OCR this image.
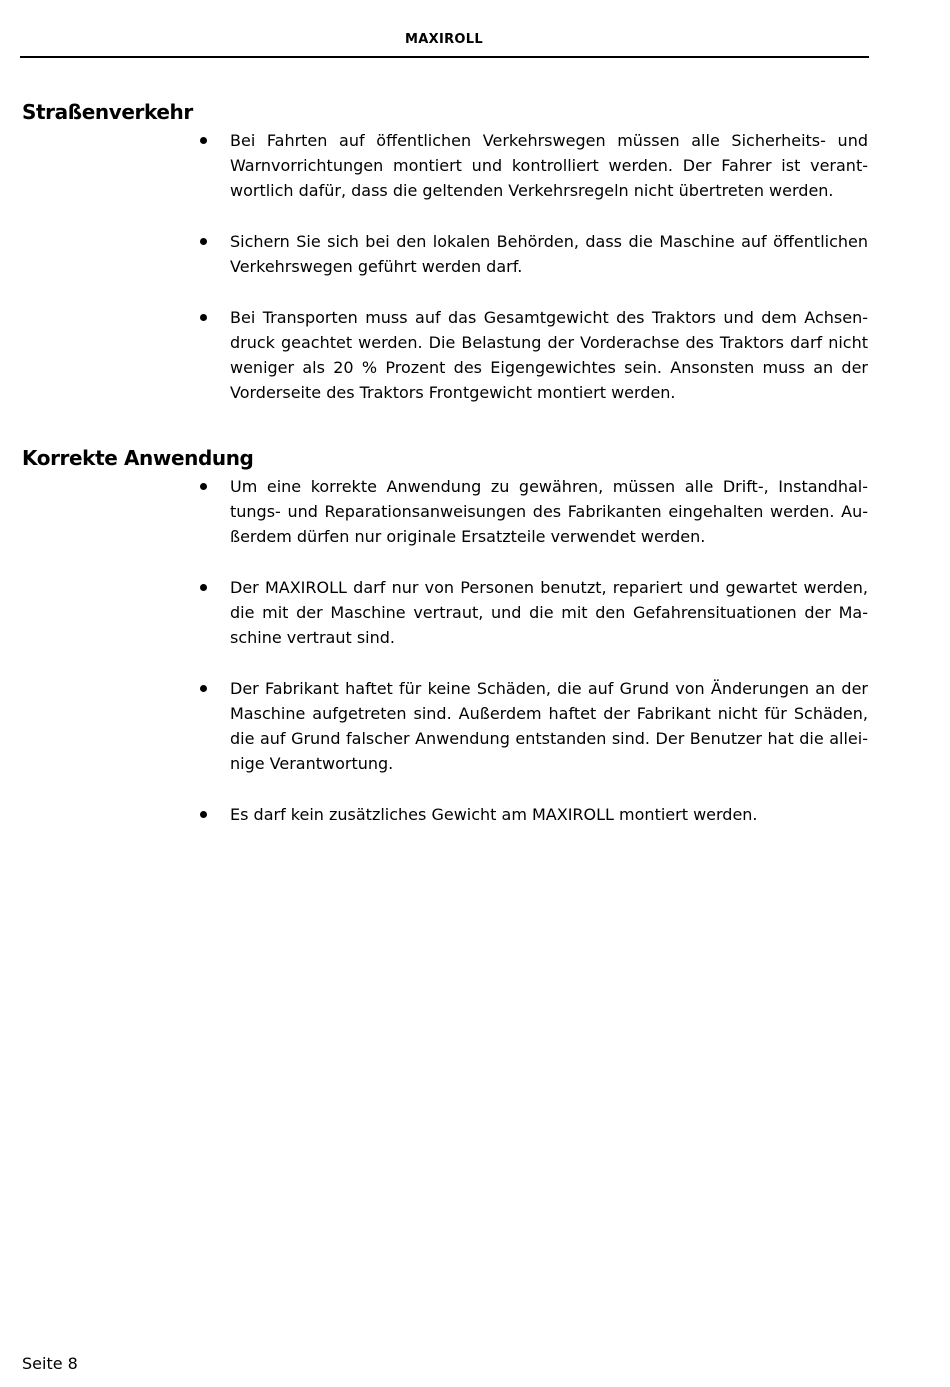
MAXIROLL
Straßenverkehr
Bei Fahrten auf öffentlichen Verkehrswegen müssen alle Sicherheits- und Warnvorrichtungen montiert und kontrolliert werden. Der Fahrer ist verantwortlich dafür, dass die geltenden Verkehrsregeln nicht übertreten werden.
Sichern Sie sich bei den lokalen Behörden, dass die Maschine auf öffentlichen Verkehrswegen geführt werden darf.
Bei Transporten muss auf das Gesamtgewicht des Traktors und dem Achsendruck geachtet werden. Die Belastung der Vorderachse des Traktors darf nicht weniger als 20 % Prozent des Eigengewichtes sein. Ansonsten muss an der Vorderseite des Traktors Frontgewicht montiert werden.
Korrekte Anwendung
Um eine korrekte Anwendung zu gewähren, müssen alle Drift-, Instandhaltungs- und Reparationsanweisungen des Fabrikanten eingehalten werden. Außerdem dürfen nur originale Ersatzteile verwendet werden.
Der MAXIROLL darf nur von Personen benutzt, repariert und gewartet werden, die mit der Maschine vertraut, und die mit den Gefahrensituationen der Maschine vertraut sind.
Der Fabrikant haftet für keine Schäden, die auf Grund von Änderungen an der Maschine aufgetreten sind. Außerdem haftet der Fabrikant nicht für Schäden, die auf Grund falscher Anwendung entstanden sind. Der Benutzer hat die alleinige Verantwortung.
Es darf kein zusätzliches Gewicht am MAXIROLL montiert werden.
Seite 8
